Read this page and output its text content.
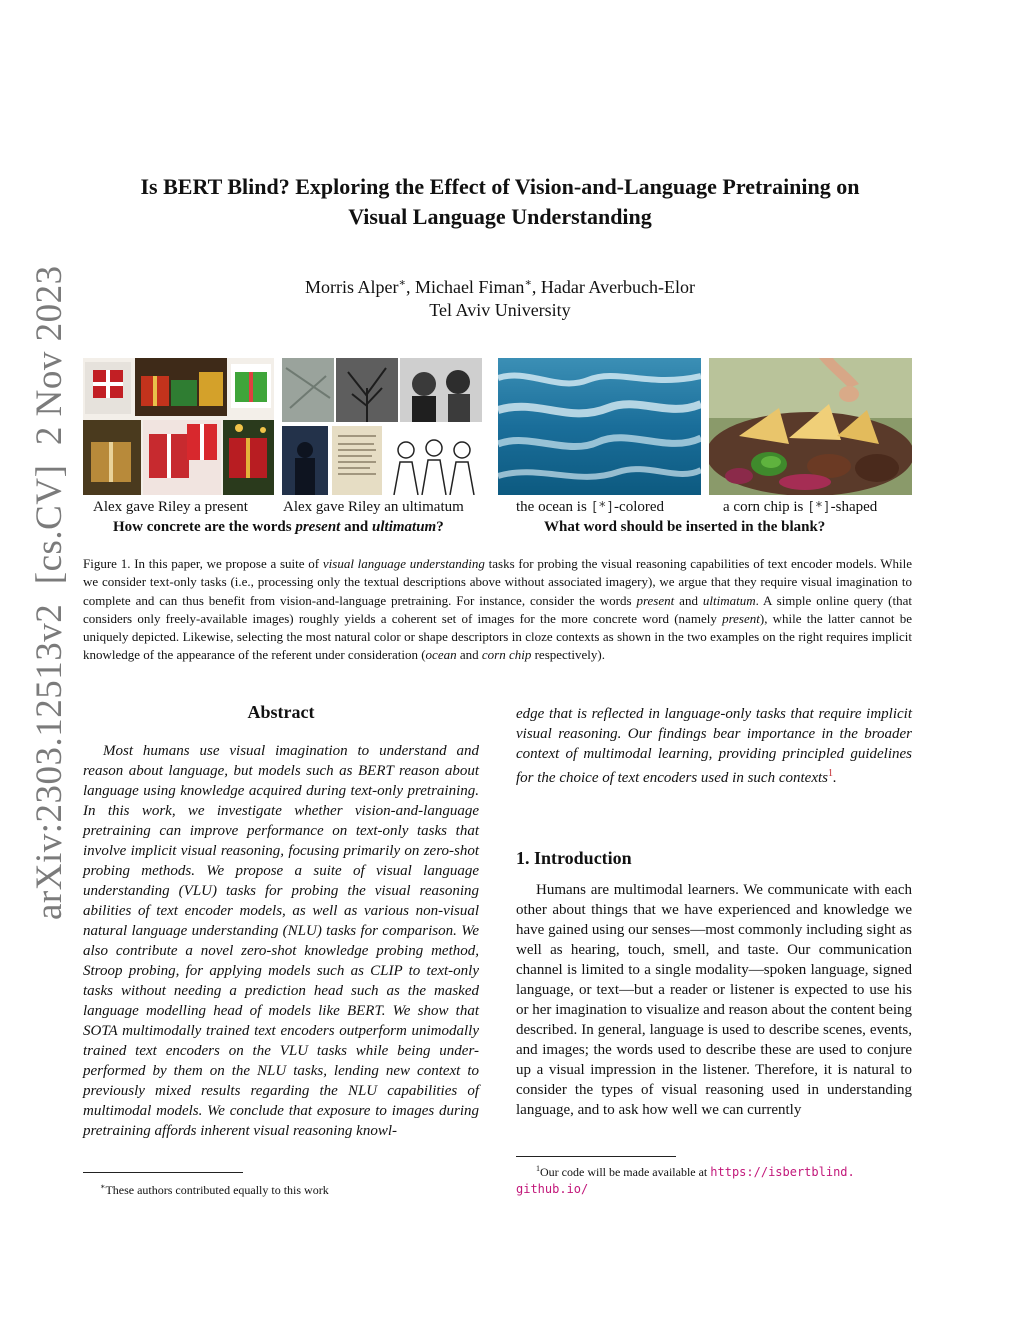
arXiv:2303.12513v2  [cs.CV]  2 Nov 2023
Is BERT Blind? Exploring the Effect of Vision-and-Language Pretraining on
Visual Language Understanding
Morris Alper∗, Michael Fiman∗, Hadar Averbuch-Elor
Tel Aviv University
Alex gave Riley a present Alex gave Riley an ultimatum	the ocean is [*]-colored	a corn chip is [*]-shaped
How concrete are the words present and ultimatum?	What word should be inserted in the blank?
Figure 1. In this paper, we propose a suite of visual language understanding tasks for probing the visual reasoning capabilities of text encoder models. While we consider text-only tasks (i.e., processing only the textual descriptions above without associated imagery), we argue that they require visual imagination to complete and can thus benefit from vision-and-language pretraining. For instance, consider the words present and ultimatum. A simple online query (that considers only freely-available images) roughly yields a coherent set of images for the more concrete word (namely present), while the latter cannot be uniquely depicted. Likewise, selecting the most natural color or shape descriptors in cloze contexts as shown in the two examples on the right requires implicit knowledge of the appearance of the referent under consideration (ocean and corn chip respectively).
Abstract

Most humans use visual imagination to understand and reason about language, but models such as BERT reason about language using knowledge acquired during text-only pretraining. In this work, we investigate whether vision-and-language pretraining can improve performance on text-only tasks that involve implicit visual reasoning, focusing primarily on zero-shot probing methods. We propose a suite of visual language understanding (VLU) tasks for probing the visual reasoning abilities of text encoder models, as well as various non-visual natural language understanding (NLU) tasks for comparison. We also contribute a novel zero-shot knowledge probing method, Stroop probing, for applying models such as CLIP to text-only tasks without needing a prediction head such as the masked language modelling head of models like BERT. We show that SOTA multimodally trained text encoders outperform unimodally trained text encoders on the VLU tasks while being under-performed by them on the NLU tasks, lending new context to previously mixed results regarding the NLU capabilities of multimodal models. We conclude that exposure to images during pretraining affords inherent visual reasoning knowl-

∗These authors contributed equally to this work

edge that is reflected in language-only tasks that require implicit visual reasoning. Our findings bear importance in the broader context of multimodal learning, providing principled guidelines for the choice of text encoders used in such contexts$^1$.

1. Introduction

Humans are multimodal learners. We communicate with each other about things that we have experienced and knowledge we have gained using our senses—most commonly including sight as well as hearing, touch, smell, and taste. Our communication channel is limited to a single modality—spoken language, signed language, or text—but a reader or listener is expected to use his or her imagination to visualize and reason about the content being described. In general, language is used to describe scenes, events, and images; the words used to describe these are used to conjure up a visual impression in the listener. Therefore, it is natural to consider the types of visual reasoning used in understanding language, and to ask how well we can currently

$^1$Our code will be made available at https://isbertblind.
github.io/
